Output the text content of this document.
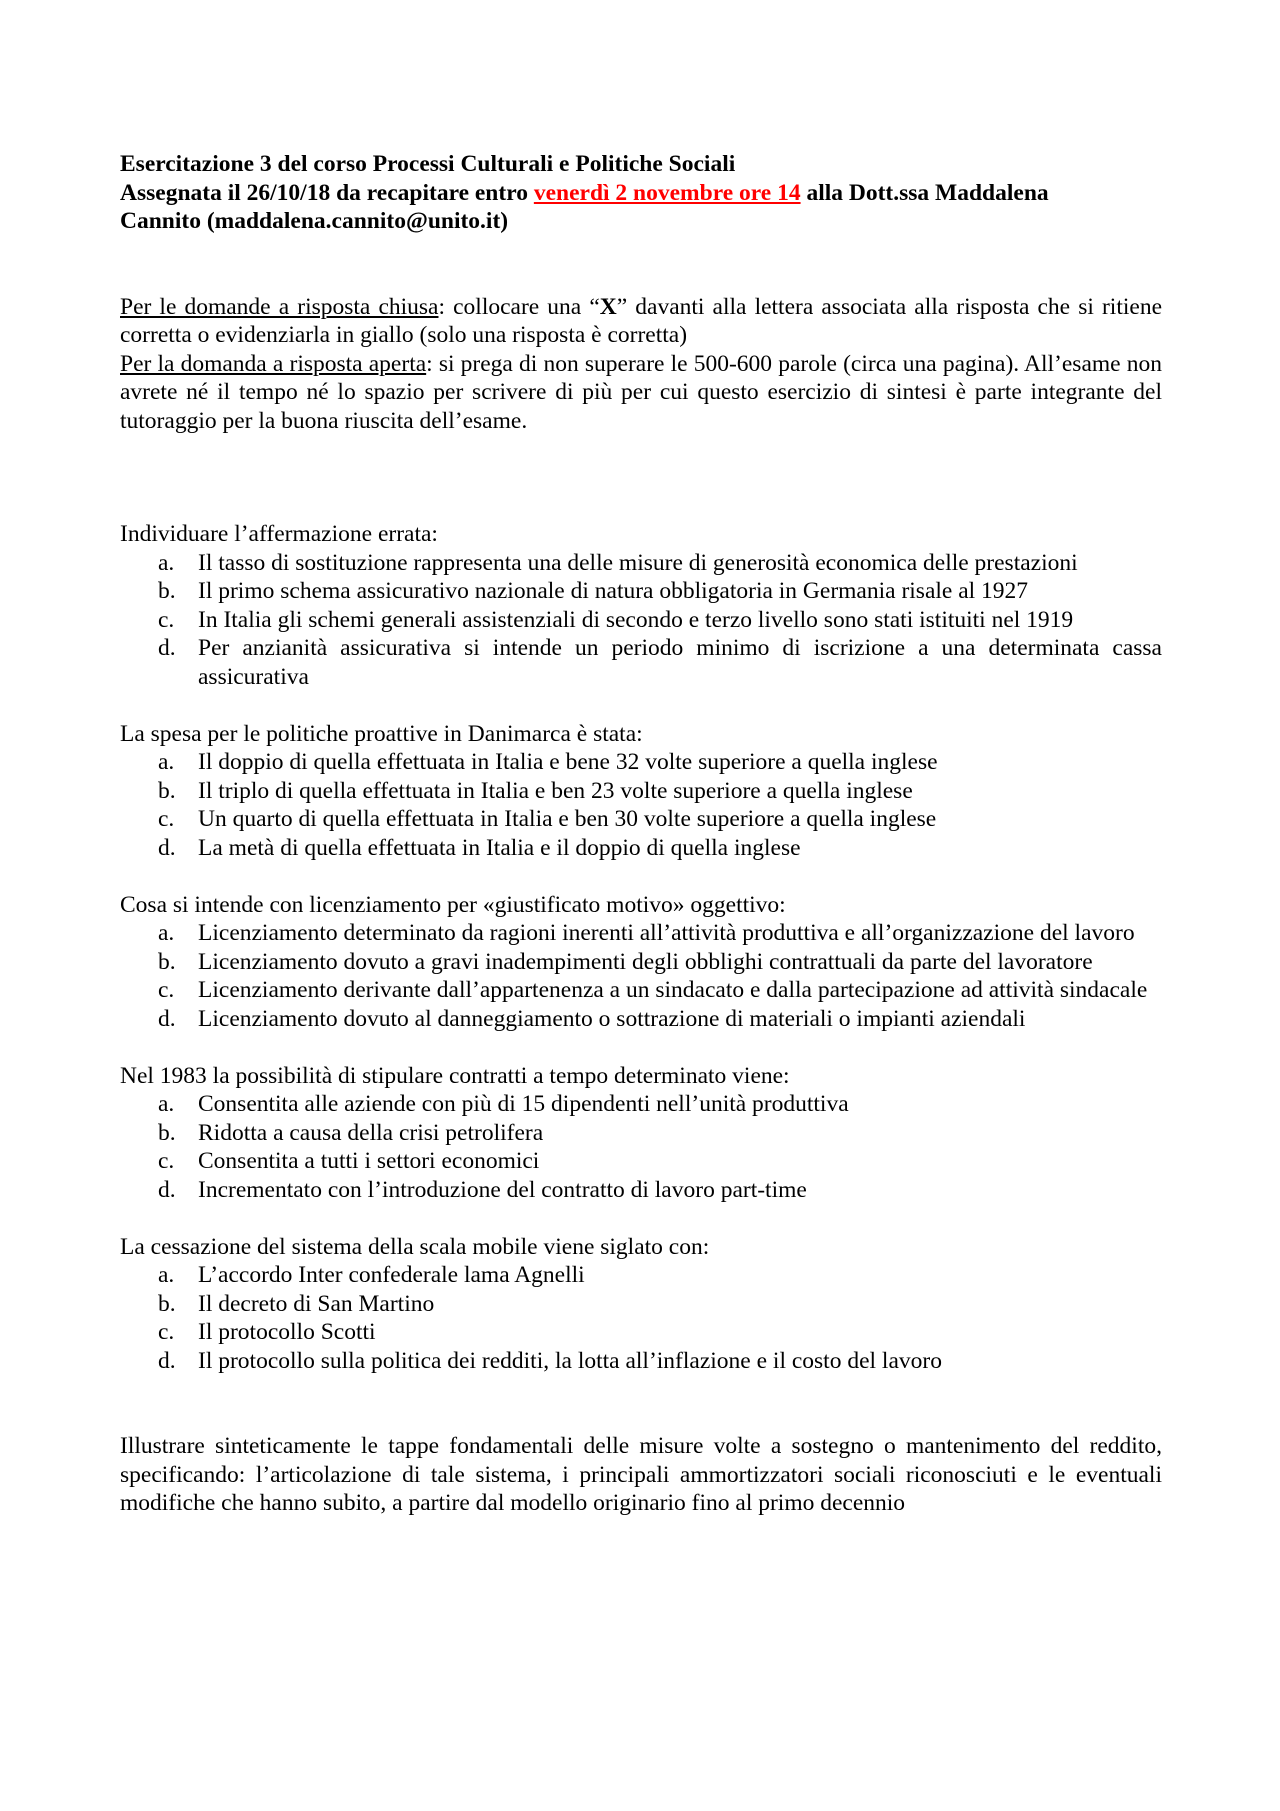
Esercitazione 3 del corso Processi Culturali e Politiche Sociali

Assegnata il 26/10/18 da recapitare entro venerdì 2 novembre ore 14 alla Dott.ssa Maddalena

Cannito (maddalena.cannito@unito.it)

Per le domande a risposta chiusa: collocare una “X” davanti alla lettera associata alla risposta che si ritiene corretta o evidenziarla in giallo (solo una risposta è corretta)

Per la domanda a risposta aperta: si prega di non superare le 500-600 parole (circa una pagina). All’esame non avrete né il tempo né lo spazio per scrivere di più per cui questo esercizio di sintesi è parte integrante del tutoraggio per la buona riuscita dell’esame.

Individuare l’affermazione errata:

a. Il tasso di sostituzione rappresenta una delle misure di generosità economica delle prestazioni
b. Il primo schema assicurativo nazionale di natura obbligatoria in Germania risale al 1927
c. In Italia gli schemi generali assistenziali di secondo e terzo livello sono stati istituiti nel 1919
d. Per anzianità assicurativa si intende un periodo minimo di iscrizione a una determinata cassa assicurativa

La spesa per le politiche proattive in Danimarca è stata:

a. Il doppio di quella effettuata in Italia e bene 32 volte superiore a quella inglese
b. Il triplo di quella effettuata in Italia e ben 23 volte superiore a quella inglese
c. Un quarto di quella effettuata in Italia e ben 30 volte superiore a quella inglese
d. La metà di quella effettuata in Italia e il doppio di quella inglese

Cosa si intende con licenziamento per «giustificato motivo» oggettivo:

a. Licenziamento determinato da ragioni inerenti all’attività produttiva e all’organizzazione del lavoro
b. Licenziamento dovuto a gravi inadempimenti degli obblighi contrattuali da parte del lavoratore
c. Licenziamento derivante dall’appartenenza a un sindacato e dalla partecipazione ad attività sindacale
d. Licenziamento dovuto al danneggiamento o sottrazione di materiali o impianti aziendali

Nel 1983 la possibilità di stipulare contratti a tempo determinato viene:

a. Consentita alle aziende con più di 15 dipendenti nell’unità produttiva
b. Ridotta a causa della crisi petrolifera
c. Consentita a tutti i settori economici
d. Incrementato con l’introduzione del contratto di lavoro part-time

La cessazione del sistema della scala mobile viene siglato con:

a. L’accordo Inter confederale lama Agnelli
b. Il decreto di San Martino
c. Il protocollo Scotti
d. Il protocollo sulla politica dei redditi, la lotta all’inflazione e il costo del lavoro

Illustrare sinteticamente le tappe fondamentali delle misure volte a sostegno o mantenimento del reddito, specificando: l’articolazione di tale sistema, i principali ammortizzatori sociali riconosciuti e le eventuali modifiche che hanno subito, a partire dal modello originario fino al primo decennio
